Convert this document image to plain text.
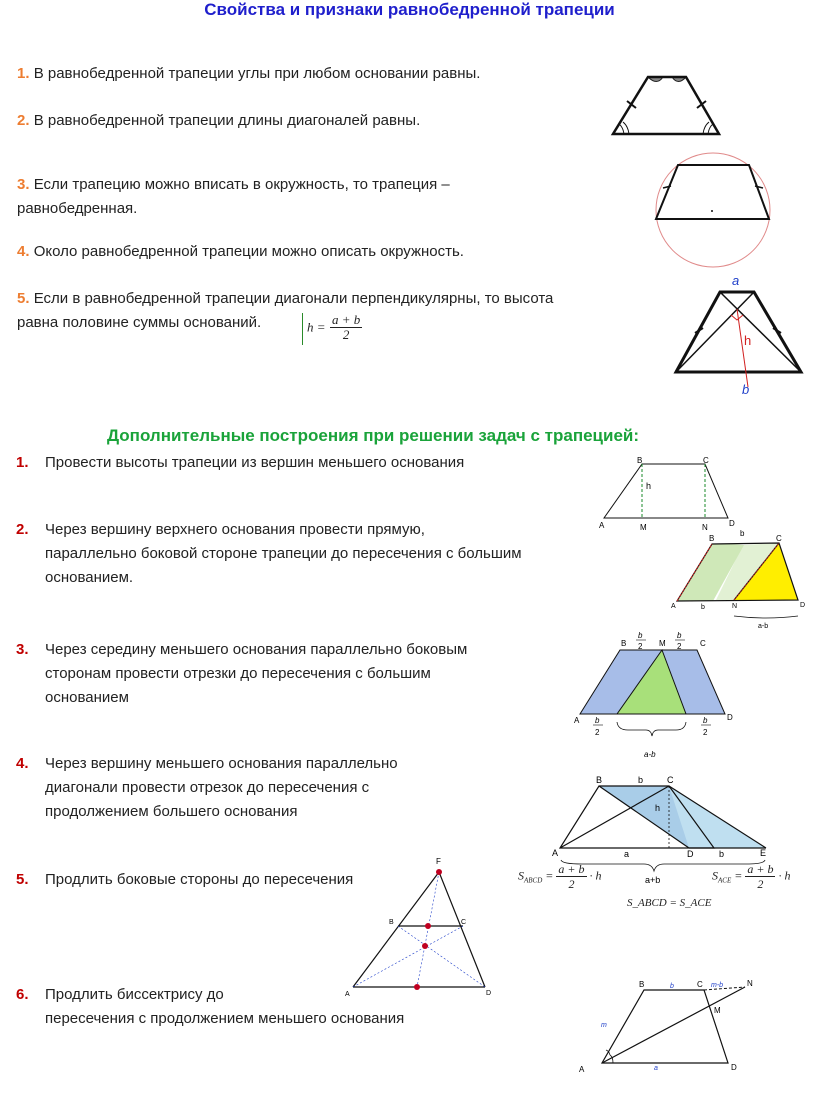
Свойства и признаки равнобедренной трапеции
1. В равнобедренной трапеции углы при любом основании равны.
2. В равнобедренной трапеции длины диагоналей равны.
3. Если трапецию можно вписать в окружность, то трапеция –
равнобедренная.
4. Около равнобедренной трапеции можно описать окружность.
5. Если в равнобедренной трапеции диагонали перпендикулярны, то высота
равна половине суммы оснований.	$h = \frac{a + b}{2}$
a
h
b
Дополнительные построения при решении задач с трапецией:
1. Провести высоты трапеции из вершин меньшего основания
2. Через вершину верхнего основания провести прямую,
параллельно боковой стороне трапеции до пересечения с большим
основанием.
3. Через середину меньшего основания параллельно боковым
сторонам провести отрезки до пересечения с большим
основанием
4. Через вершину меньшего основания параллельно
диагонали провести отрезок до пересечения с
продолжением большего основания
5. Продлить боковые стороны до пересечения
6. Продлить биссектрису до
пересечения с продолжением меньшего основания
B	C
h
A	M	N	D
B
b
C
A	b	N	D
a-b
B
b
2 M
b
2 C
A b
2
b
2
D
a-b
B	b	C
h
A	a	D	b	E
a+b
$S_{ABCD} = \frac{a + b}{2} \cdot h$	$S_{ACE} = \frac{a + b}{2} \cdot h$
S_ABCD = S_ACE
F
B	C
A	D
B	b	C m-b	N
M
m
A	a	D
